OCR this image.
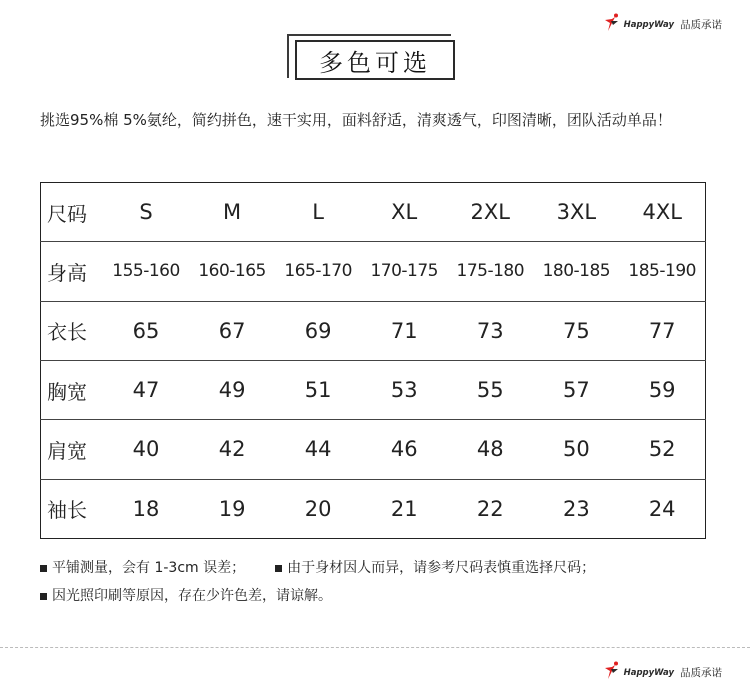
HappyWay 品质承诺
多色可选
挑选95%棉 5%氨纶，简约拼色，速干实用，面料舒适，清爽透气，印图清晰，团队活动单品！
尺码	S	M	L	XL	2XL	3XL	4XL
身高	155-160	160-165	165-170	170-175	175-180	180-185	185-190
衣长	65	67	69	71	73	75	77
胸宽	47	49	51	53	55	57	59
肩宽	40	42	44	46	48	50	52
袖长	18	19	20	21	22	23	24
平铺测量，会有 1-3cm 误差；	由于身材因人而异，请参考尺码表慎重选择尺码；
因光照印刷等原因，存在少许色差，请谅解。
HappyWay 品质承诺
